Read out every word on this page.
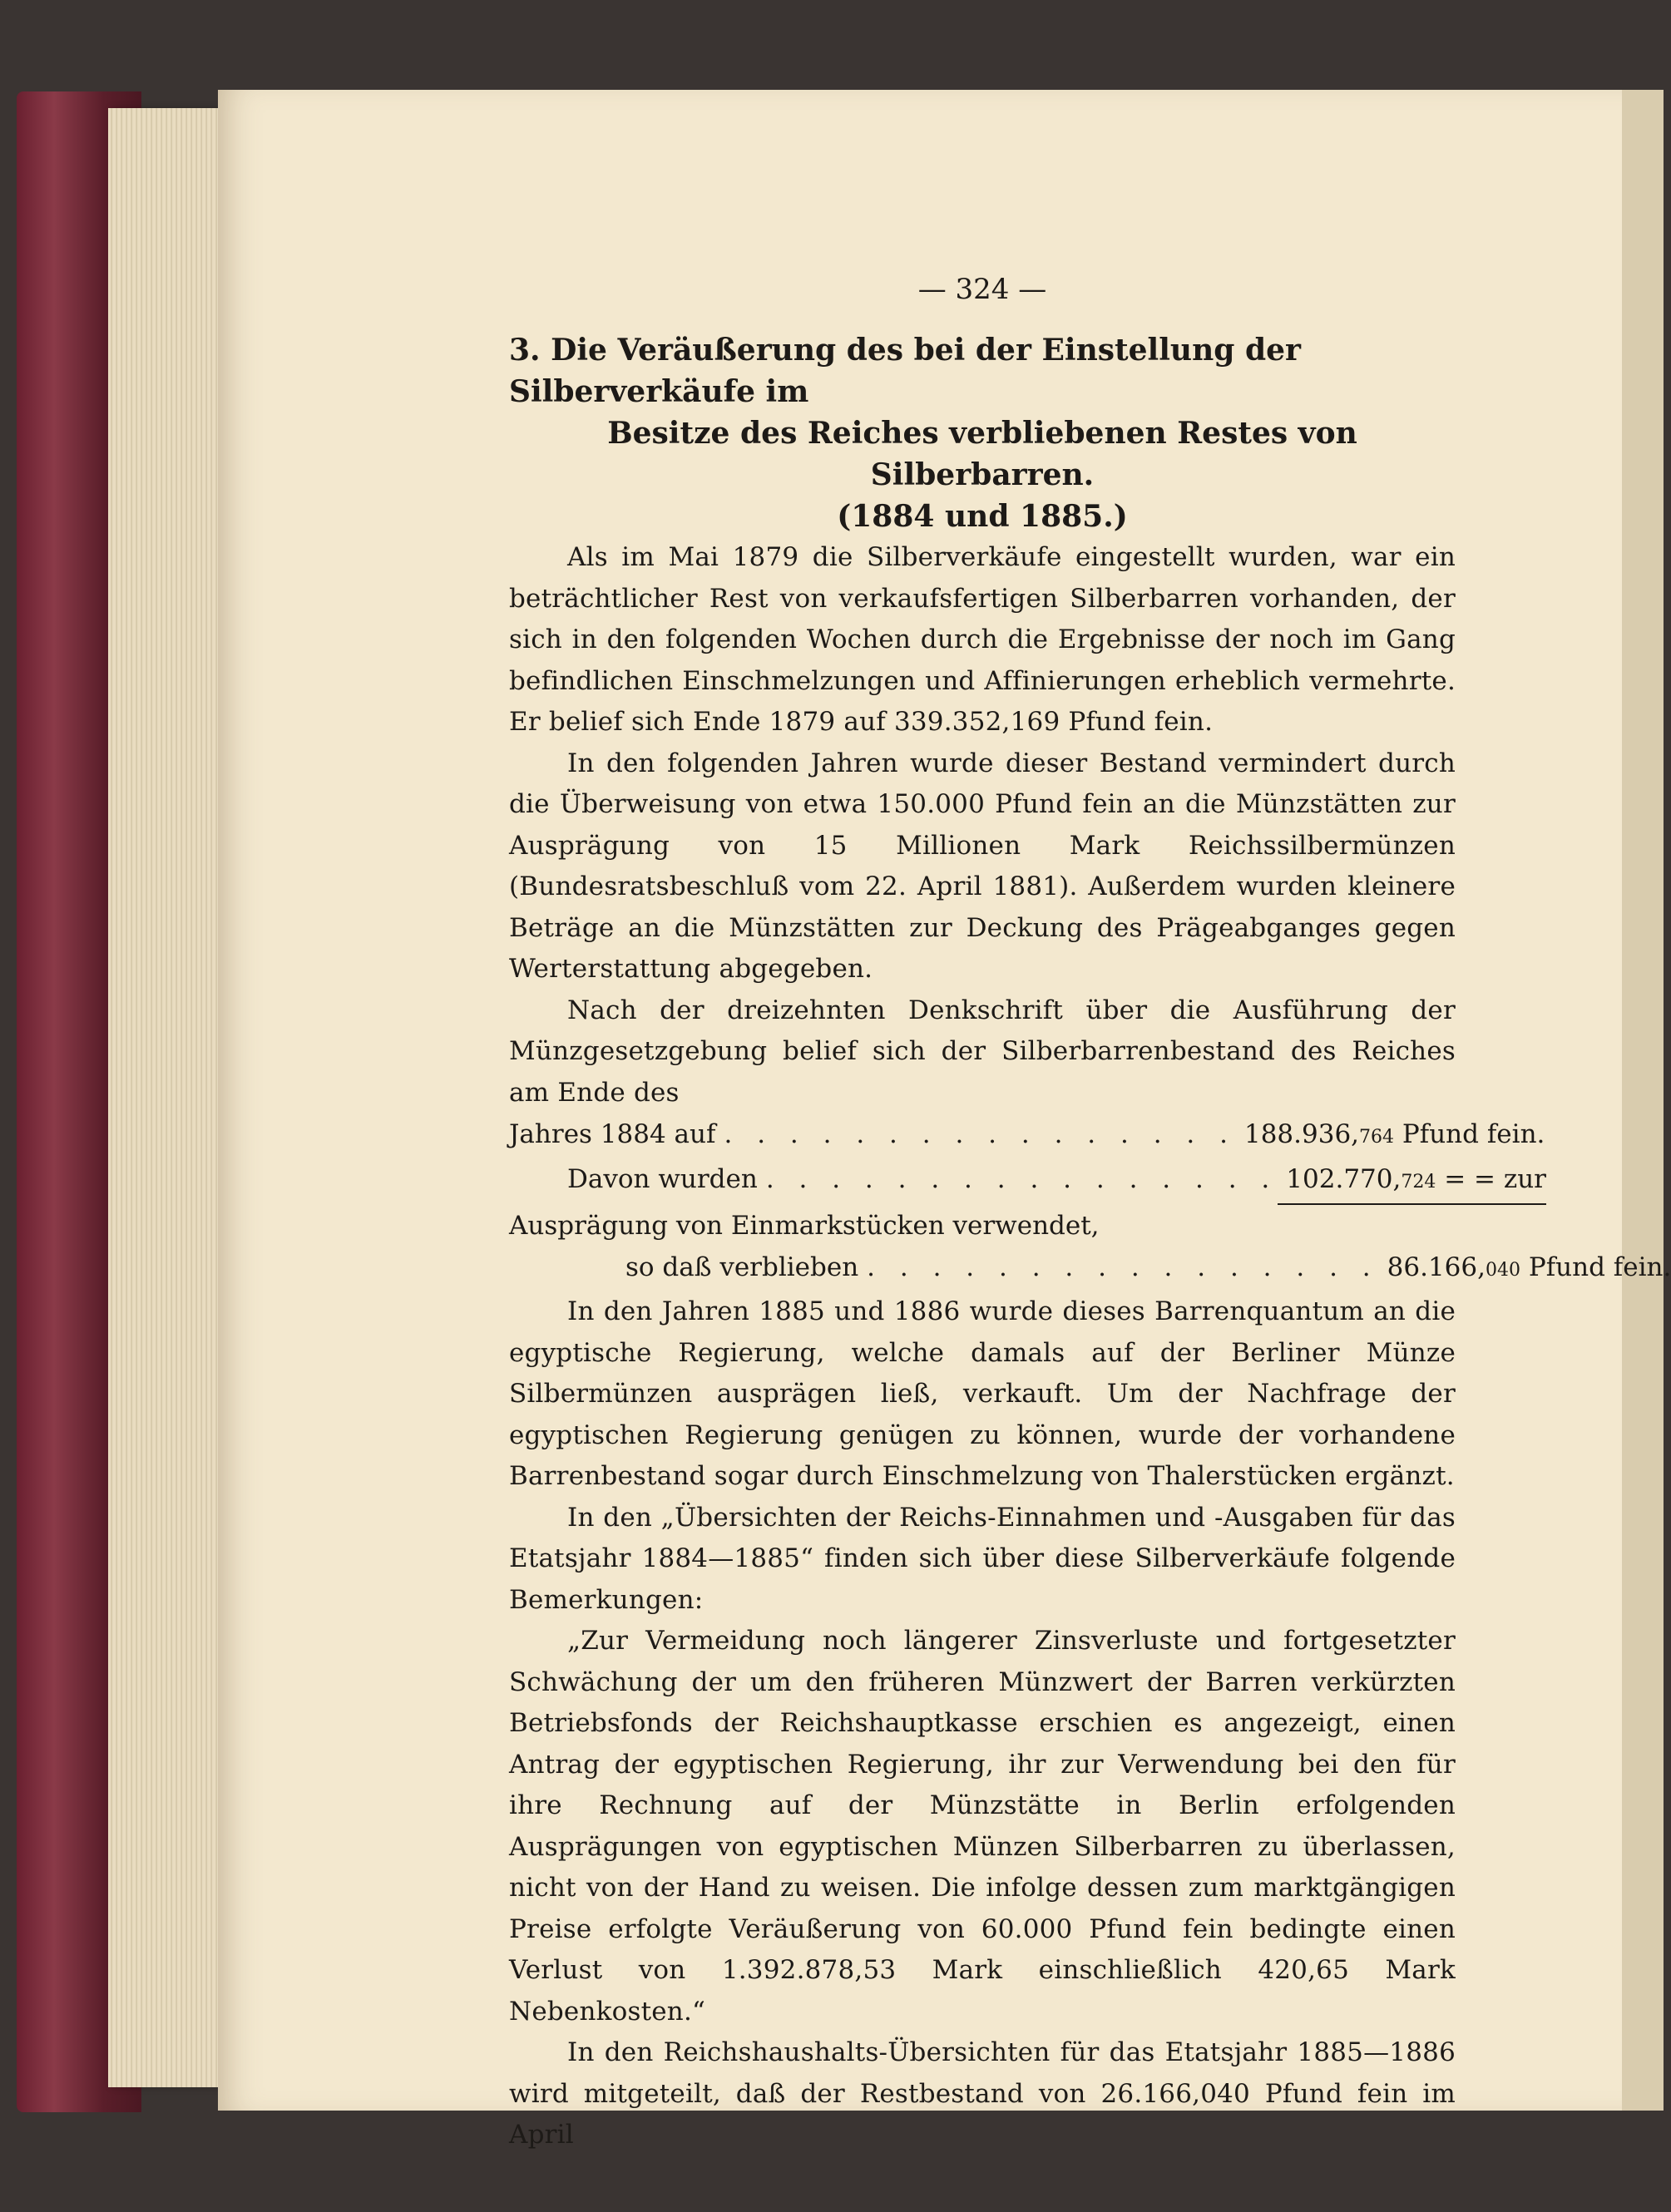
— 324 —
3. Die Veräußerung des bei der Einstellung der Silberverkäufe im
Besitze des Reiches verbliebenen Restes von Silberbarren.
(1884 und 1885.)

Als im Mai 1879 die Silberverkäufe eingestellt wurden, war ein beträchtlicher Rest von verkaufsfertigen Silberbarren vorhanden, der sich in den folgenden Wochen durch die Ergebnisse der noch im Gang befindlichen Einschmelzungen und Affinierungen erheblich vermehrte. Er belief sich Ende 1879 auf 339.352,169 Pfund fein.

In den folgenden Jahren wurde dieser Bestand vermindert durch die Überweisung von etwa 150.000 Pfund fein an die Münzstätten zur Ausprägung von 15 Millionen Mark Reichssilbermünzen (Bundesratsbeschluß vom 22. April 1881). Außerdem wurden kleinere Beträge an die Münzstätten zur Deckung des Prägeabganges gegen Werterstattung abgegeben.

Nach der dreizehnten Denkschrift über die Ausführung der Münzgesetzgebung belief sich der Silberbarrenbestand des Reiches am Ende des

Jahres 1884 auf . . . . . . . . . . . . . . . . 188.936,764 Pfund fein.
Davon wurden . . . . . . . . . . . . . . . . 102.770,724 = = zur
Ausprägung von Einmarkstücken verwendet,
so daß verblieben . . . . . . . . . . . . . . . . 86.166,040 Pfund fein.

In den Jahren 1885 und 1886 wurde dieses Barrenquantum an die egyptische Regierung, welche damals auf der Berliner Münze Silbermünzen ausprägen ließ, verkauft. Um der Nachfrage der egyptischen Regierung genügen zu können, wurde der vorhandene Barrenbestand sogar durch Einschmelzung von Thalerstücken ergänzt.

In den „Übersichten der Reichs-Einnahmen und -Ausgaben für das Etatsjahr 1884—1885“ finden sich über diese Silberverkäufe folgende Bemerkungen:

„Zur Vermeidung noch längerer Zinsverluste und fortgesetzter Schwächung der um den früheren Münzwert der Barren verkürzten Betriebsfonds der Reichshauptkasse erschien es angezeigt, einen Antrag der egyptischen Regierung, ihr zur Verwendung bei den für ihre Rechnung auf der Münzstätte in Berlin erfolgenden Ausprägungen von egyptischen Münzen Silberbarren zu überlassen, nicht von der Hand zu weisen. Die infolge dessen zum marktgängigen Preise erfolgte Veräußerung von 60.000 Pfund fein bedingte einen Verlust von 1.392.878,53 Mark einschließlich 420,65 Mark Nebenkosten.“

In den Reichshaushalts-Übersichten für das Etatsjahr 1885—1886 wird mitgeteilt, daß der Restbestand von 26.166,040 Pfund fein im April
